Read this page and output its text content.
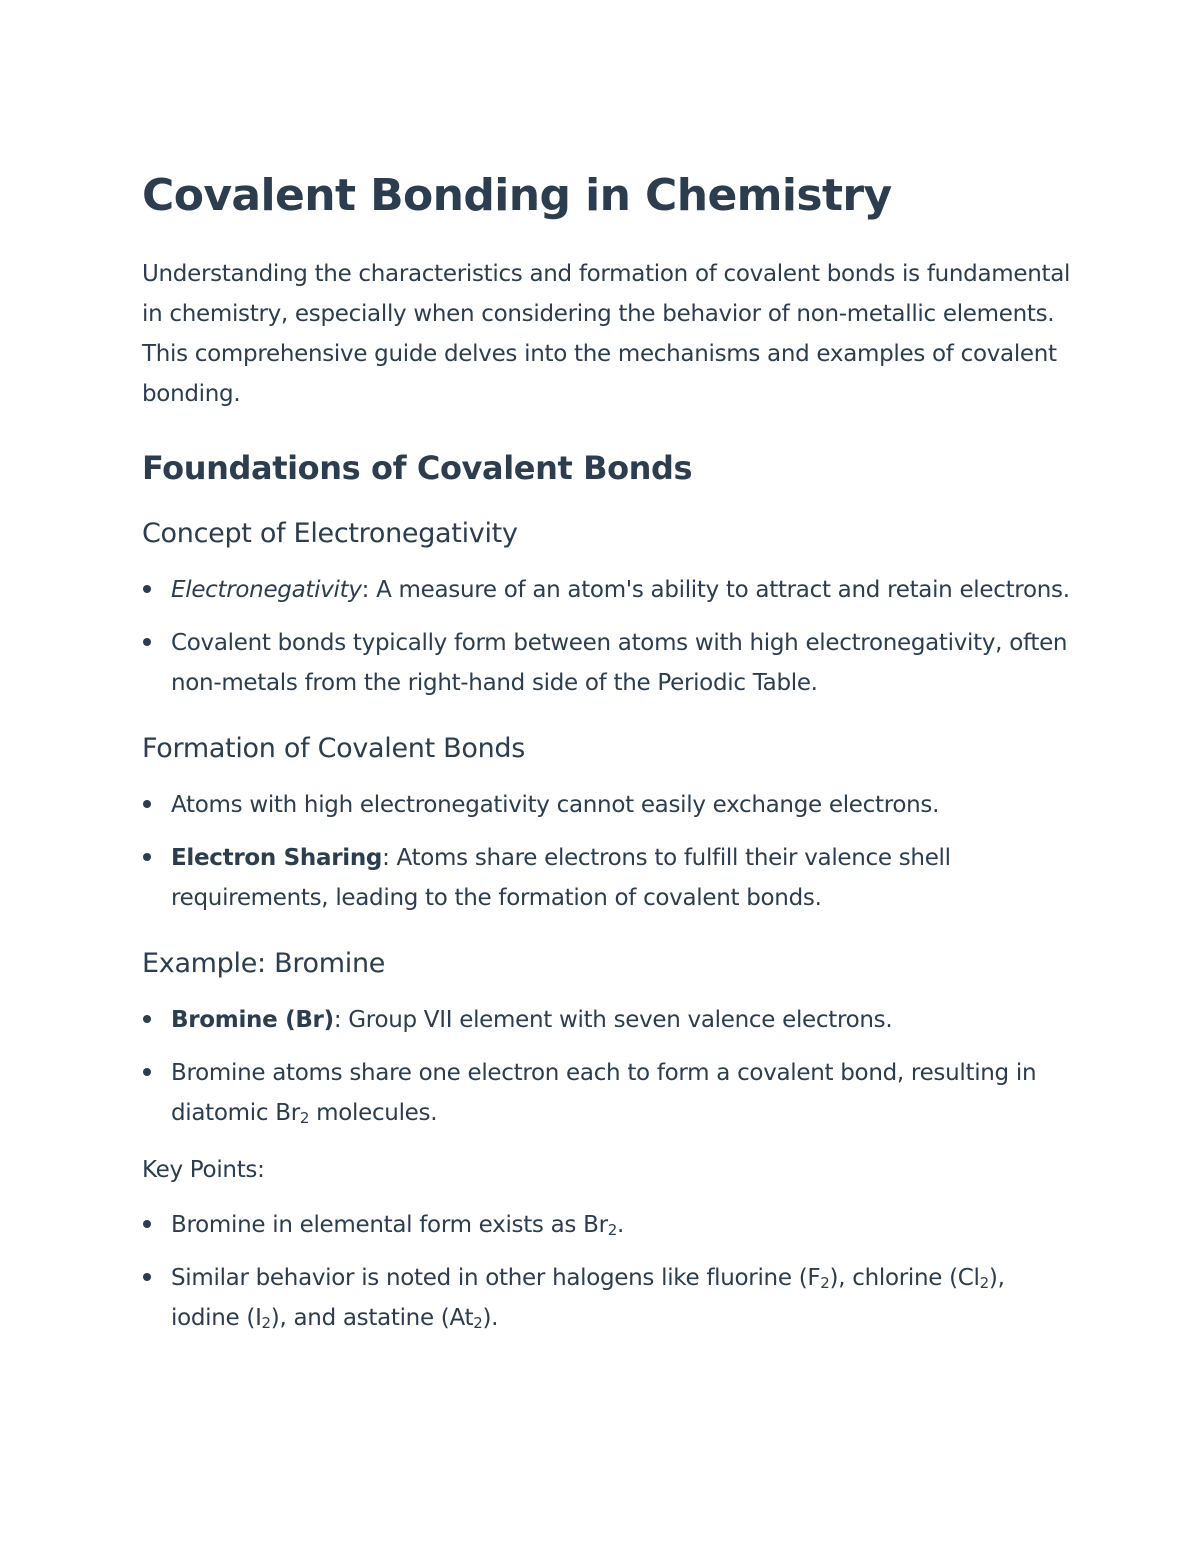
Covalent Bonding in Chemistry

Understanding the characteristics and formation of covalent bonds is fundamental in chemistry, especially when considering the behavior of non-metallic elements. This comprehensive guide delves into the mechanisms and examples of covalent bonding.

Foundations of Covalent Bonds
Concept of Electronegativity
Electronegativity: A measure of an atom's ability to attract and retain electrons.
Covalent bonds typically form between atoms with high electronegativity, often non-metals from the right-hand side of the Periodic Table.
Formation of Covalent Bonds
Atoms with high electronegativity cannot easily exchange electrons.
Electron Sharing: Atoms share electrons to fulfill their valence shell requirements, leading to the formation of covalent bonds.
Example: Bromine
Bromine (Br): Group VII element with seven valence electrons.
Bromine atoms share one electron each to form a covalent bond, resulting in diatomic $Br_2$ molecules.
Key Points:
Bromine in elemental form exists as $Br_2$.
Similar behavior is noted in other halogens like fluorine $(F_2)$, chlorine $(Cl_2)$, iodine $(I_2)$, and astatine $(At_2)$.
